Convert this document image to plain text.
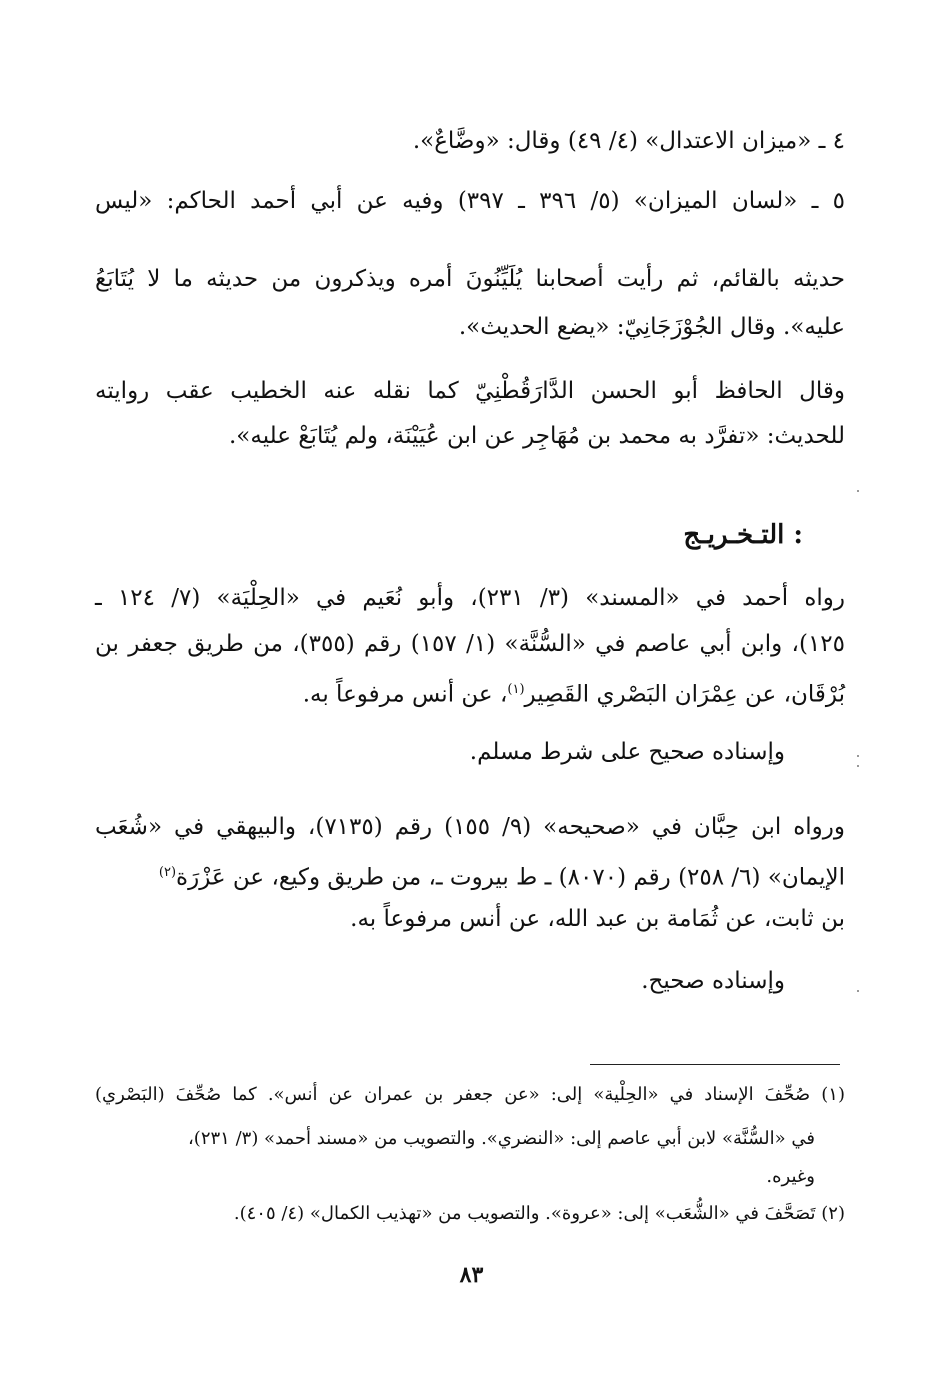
٤ ـ «ميزان الاعتدال» (٤/ ٤٩) وقال: «وضَّاعٌ».
٥ ـ «لسان الميزان» (٥/ ٣٩٦ ـ ٣٩٧) وفيه عن أبي أحمد الحاكم: «ليس
حديثه بالقائم، ثم رأيت أصحابنا يُلَيِّنُونَ أمره ويذكرون من حديثه ما لا يُتَابَعُ
عليه». وقال الجُوْزَجَانِيّ: «يضع الحديث».
وقال الحافظ أبو الحسن الدَّارَقُطْنِيّ كما نقله عنه الخطيب عقب روايته
للحديث: «تفرَّد به محمد بن مُهَاجِر عن ابن عُيَيْنَة، ولم يُتَابَعْ عليه».
التـخـريـج :
رواه أحمد في «المسند» (٣/ ٢٣١)، وأبو نُعَيم في «الحِلْيَة» (٧/ ١٢٤ ـ
١٢٥)، وابن أبي عاصم في «السُّنَّة» (١/ ١٥٧) رقم (٣٥٥)، من طريق جعفر بن
بُرْقَان، عن عِمْرَان البَصْري القَصِير$^{(١)}$، عن أنس مرفوعاً به.
وإسناده صحيح على شرط مسلم.
ورواه ابن حِبَّان في «صحيحه» (٩/ ١٥٥) رقم (٧١٣٥)، والبيهقي في «شُعَب
الإيمان» (٦/ ٢٥٨) رقم (٨٠٧٠) ـ ط بيروت ـ، من طريق وكيع، عن عَزْرَة$^{(٢)}$
بن ثابت، عن ثُمَامة بن عبد الله، عن أنس مرفوعاً به.
وإسناده صحيح.
(١) صُحِّفَ الإسناد في «الحِلْية» إلى: «عن جعفر بن عمران عن أنس». كما صُحِّفَ (البَصْري)
في «السُّنَّة» لابن أبي عاصم إلى: «النضري». والتصويب من «مسند أحمد» (٣/ ٢٣١)،
وغيره.
(٢) تَصَحَّفَ في «الشُّعَب» إلى: «عروة». والتصويب من «تهذيب الكمال» (٤/ ٤٠٥).
٨٣
